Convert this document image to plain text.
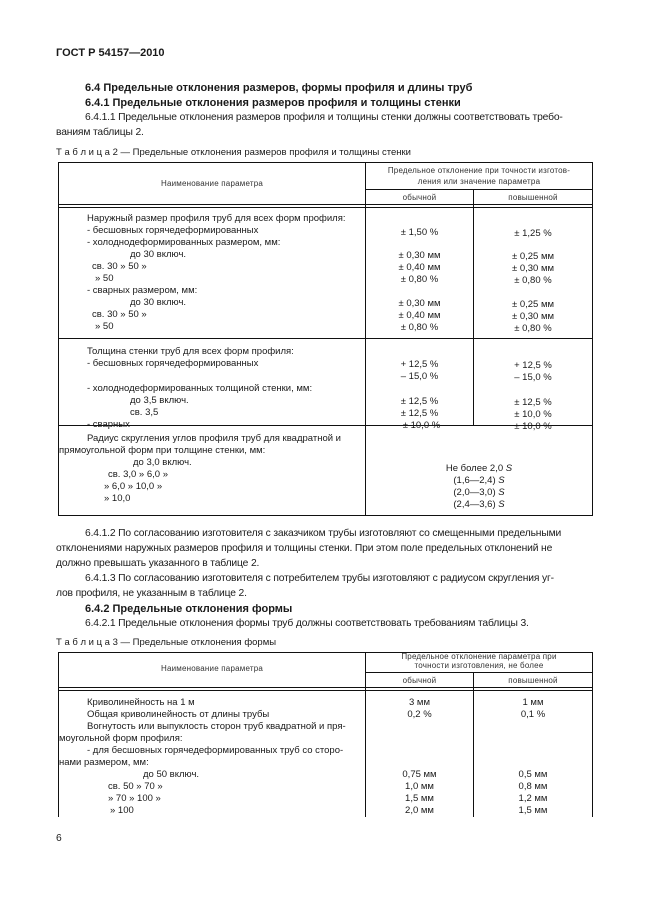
ГОСТ Р 54157—2010
6.4 Предельные отклонения размеров, формы профиля и длины труб
6.4.1 Предельные отклонения размеров профиля и толщины стенки
6.4.1.1 Предельные отклонения размеров профиля и толщины стенки должны соответствовать требо-
ваниям таблицы 2.
Т а б л и ц а 2 — Предельные отклонения размеров профиля и толщины стенки
Наименование параметра
Предельное отклонение при точности изготов-
ления или значение параметра
обычной	повышенной
Наружный размер профиля труб для всех форм профиля:
- бесшовных горячедеформированных
- холоднодеформированных размером, мм:
до 30 включ.
св. 30 » 50 »
» 50
- сварных размером, мм:
до 30 включ.
св. 30 » 50 »
» 50
± 1,50 %
± 0,30 мм
± 0,40 мм
± 0,80 %
± 0,30 мм
± 0,40 мм
± 0,80 %
± 1,25 %
± 0,25 мм
± 0,30 мм
± 0,80 %
± 0,25 мм
± 0,30 мм
± 0,80 %
Толщина стенки труб для всех форм профиля:
- бесшовных горячедеформированных
- холоднодеформированных толщиной стенки, мм:
до 3,5 включ.
св. 3,5
- сварных
+ 12,5 %
– 15,0 %
± 12,5 %
± 12,5 %
± 10,0 %
+ 12,5 %
– 15,0 %
± 12,5 %
± 10,0 %
± 10,0 %
Радиус скругления углов профиля труб для квадратной и
прямоугольной форм при толщине стенки, мм:
до 3,0 включ.
св. 3,0 » 6,0 »
» 6,0 » 10,0 »
» 10,0
Не более 2,0 S
(1,6—2,4) S
(2,0—3,0) S
(2,4—3,6) S
6.4.1.2 По согласованию изготовителя с заказчиком трубы изготовляют со смещенными предельными
отклонениями наружных размеров профиля и толщины стенки. При этом поле предельных отклонений не
должно превышать указанного в таблице 2.
6.4.1.3 По согласованию изготовителя с потребителем трубы изготовляют с радиусом скругления уг-
лов профиля, не указанным в таблице 2.
6.4.2 Предельные отклонения формы
6.4.2.1 Предельные отклонения формы труб должны соответствовать требованиям таблицы 3.
Т а б л и ц а 3 — Предельные отклонения формы
Наименование параметра
Предельное отклонение параметра при
точности изготовления, не более
обычной	повышенной
Криволинейность на 1 м
Общая криволинейность от длины трубы
Вогнутость или выпуклость сторон труб квадратной и пря-
моугольной форм профиля:
- для бесшовных горячедеформированных труб со сторо-
нами размером, мм:
до 50 включ.
св. 50 » 70 »
» 70 » 100 »
» 100
3 мм
0,2 %
0,75 мм
1,0 мм
1,5 мм
2,0 мм
1 мм
0,1 %
0,5 мм
0,8 мм
1,2 мм
1,5 мм
6
